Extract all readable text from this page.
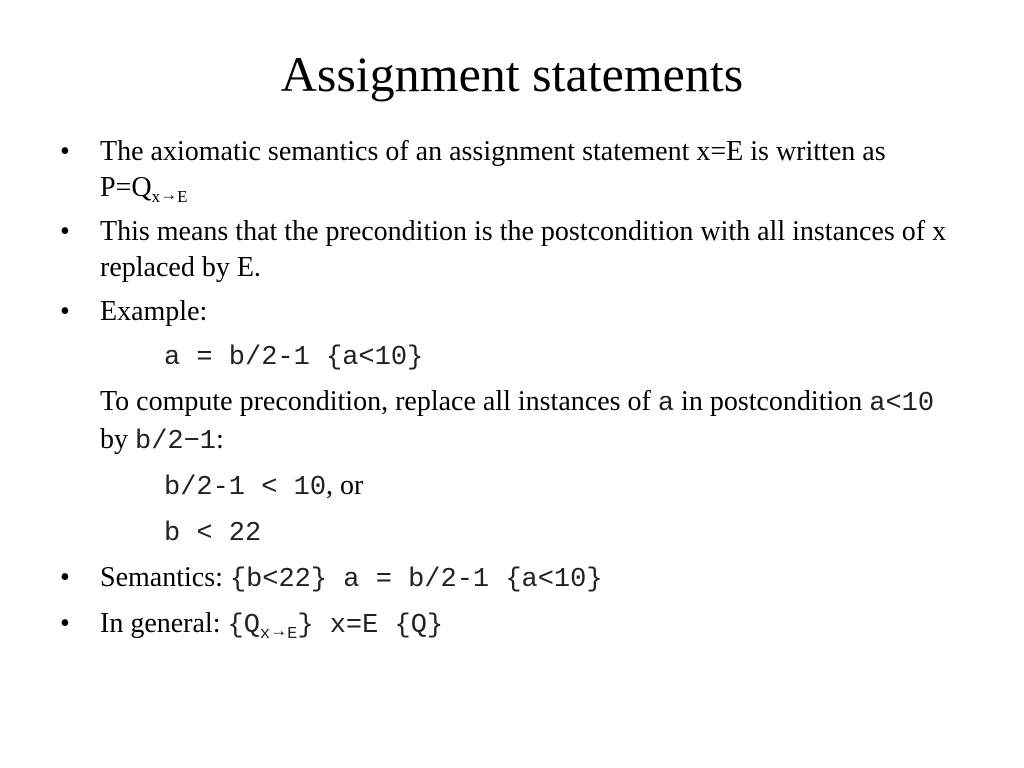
Assignment statements
•	The axiomatic semantics of an assignment statement x=E is written as $P=Q_x\to_E$
•	This means that the precondition is the postcondition with all instances of x replaced by E.
•	Example:
a = b/2-1 {a<10}
To compute precondition, replace all instances of a in postcondition a<10 by b/2−1:
b/2-1 < 10, or
b < 22
•	Semantics: {b<22} a = b/2-1 {a<10}
•	In general: $\{Q_x\to_E\}$ x=E {Q}
